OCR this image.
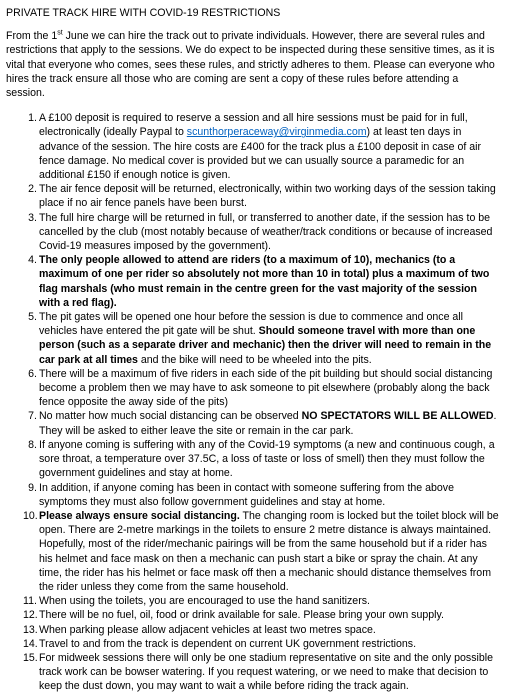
PRIVATE TRACK HIRE WITH COVID-19 RESTRICTIONS
From the 1st June we can hire the track out to private individuals. However, there are several rules and restrictions that apply to the sessions. We do expect to be inspected during these sensitive times, as it is vital that everyone who comes, sees these rules, and strictly adheres to them. Please can everyone who hires the track ensure all those who are coming are sent a copy of these rules before attending a session.
1. A £100 deposit is required to reserve a session and all hire sessions must be paid for in full, electronically (ideally Paypal to scunthorperaceway@virginmedia.com) at least ten days in advance of the session. The hire costs are £400 for the track plus a £100 deposit in case of air fence damage. No medical cover is provided but we can usually source a paramedic for an additional £150 if enough notice is given.
2. The air fence deposit will be returned, electronically, within two working days of the session taking place if no air fence panels have been burst.
3. The full hire charge will be returned in full, or transferred to another date, if the session has to be cancelled by the club (most notably because of weather/track conditions or because of increased Covid-19 measures imposed by the government).
4. The only people allowed to attend are riders (to a maximum of 10), mechanics (to a maximum of one per rider so absolutely not more than 10 in total) plus a maximum of two flag marshals (who must remain in the centre green for the vast majority of the session with a red flag).
5. The pit gates will be opened one hour before the session is due to commence and once all vehicles have entered the pit gate will be shut. Should someone travel with more than one person (such as a separate driver and mechanic) then the driver will need to remain in the car park at all times and the bike will need to be wheeled into the pits.
6. There will be a maximum of five riders in each side of the pit building but should social distancing become a problem then we may have to ask someone to pit elsewhere (probably along the back fence opposite the away side of the pits)
7. No matter how much social distancing can be observed NO SPECTATORS WILL BE ALLOWED. They will be asked to either leave the site or remain in the car park.
8. If anyone coming is suffering with any of the Covid-19 symptoms (a new and continuous cough, a sore throat, a temperature over 37.5C, a loss of taste or loss of smell) then they must follow the government guidelines and stay at home.
9. In addition, if anyone coming has been in contact with someone suffering from the above symptoms they must also follow government guidelines and stay at home.
10. Please always ensure social distancing. The changing room is locked but the toilet block will be open. There are 2-metre markings in the toilets to ensure 2 metre distance is always maintained. Hopefully, most of the rider/mechanic pairings will be from the same household but if a rider has his helmet and face mask on then a mechanic can push start a bike or spray the chain. At any time, the rider has his helmet or face mask off then a mechanic should distance themselves from the rider unless they come from the same household.
11. When using the toilets, you are encouraged to use the hand sanitizers.
12. There will be no fuel, oil, food or drink available for sale. Please bring your own supply.
13. When parking please allow adjacent vehicles at least two metres space.
14. Travel to and from the track is dependent on current UK government restrictions.
15. For midweek sessions there will only be one stadium representative on site and the only possible track work can be bowser watering. If you request watering, or we need to make that decision to keep the dust down, you may want to wait a while before riding the track again.
